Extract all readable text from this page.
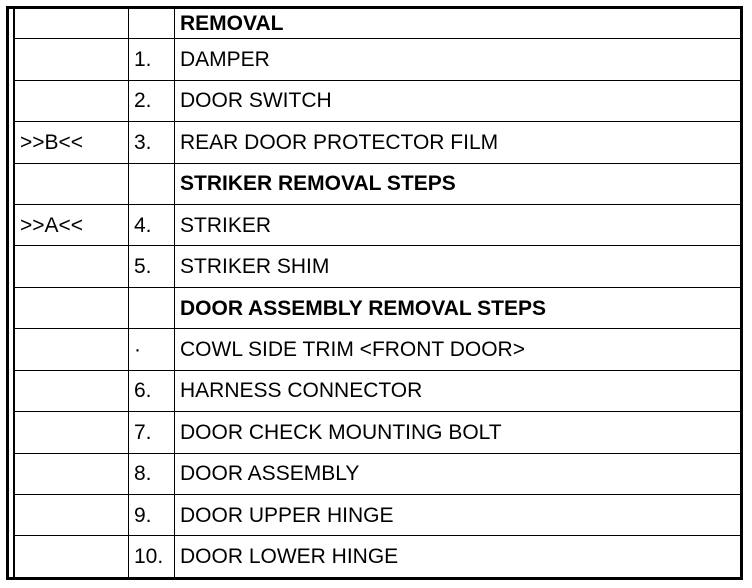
		REMOVAL
	1.	DAMPER
	2.	DOOR SWITCH
>>B<<	3.	REAR DOOR PROTECTOR FILM
		STRIKER REMOVAL STEPS
>>A<<	4.	STRIKER
	5.	STRIKER SHIM
		DOOR ASSEMBLY REMOVAL STEPS
	·	COWL SIDE TRIM <FRONT DOOR>
	6.	HARNESS CONNECTOR
	7.	DOOR CHECK MOUNTING BOLT
	8.	DOOR ASSEMBLY
	9.	DOOR UPPER HINGE
	10.	DOOR LOWER HINGE
